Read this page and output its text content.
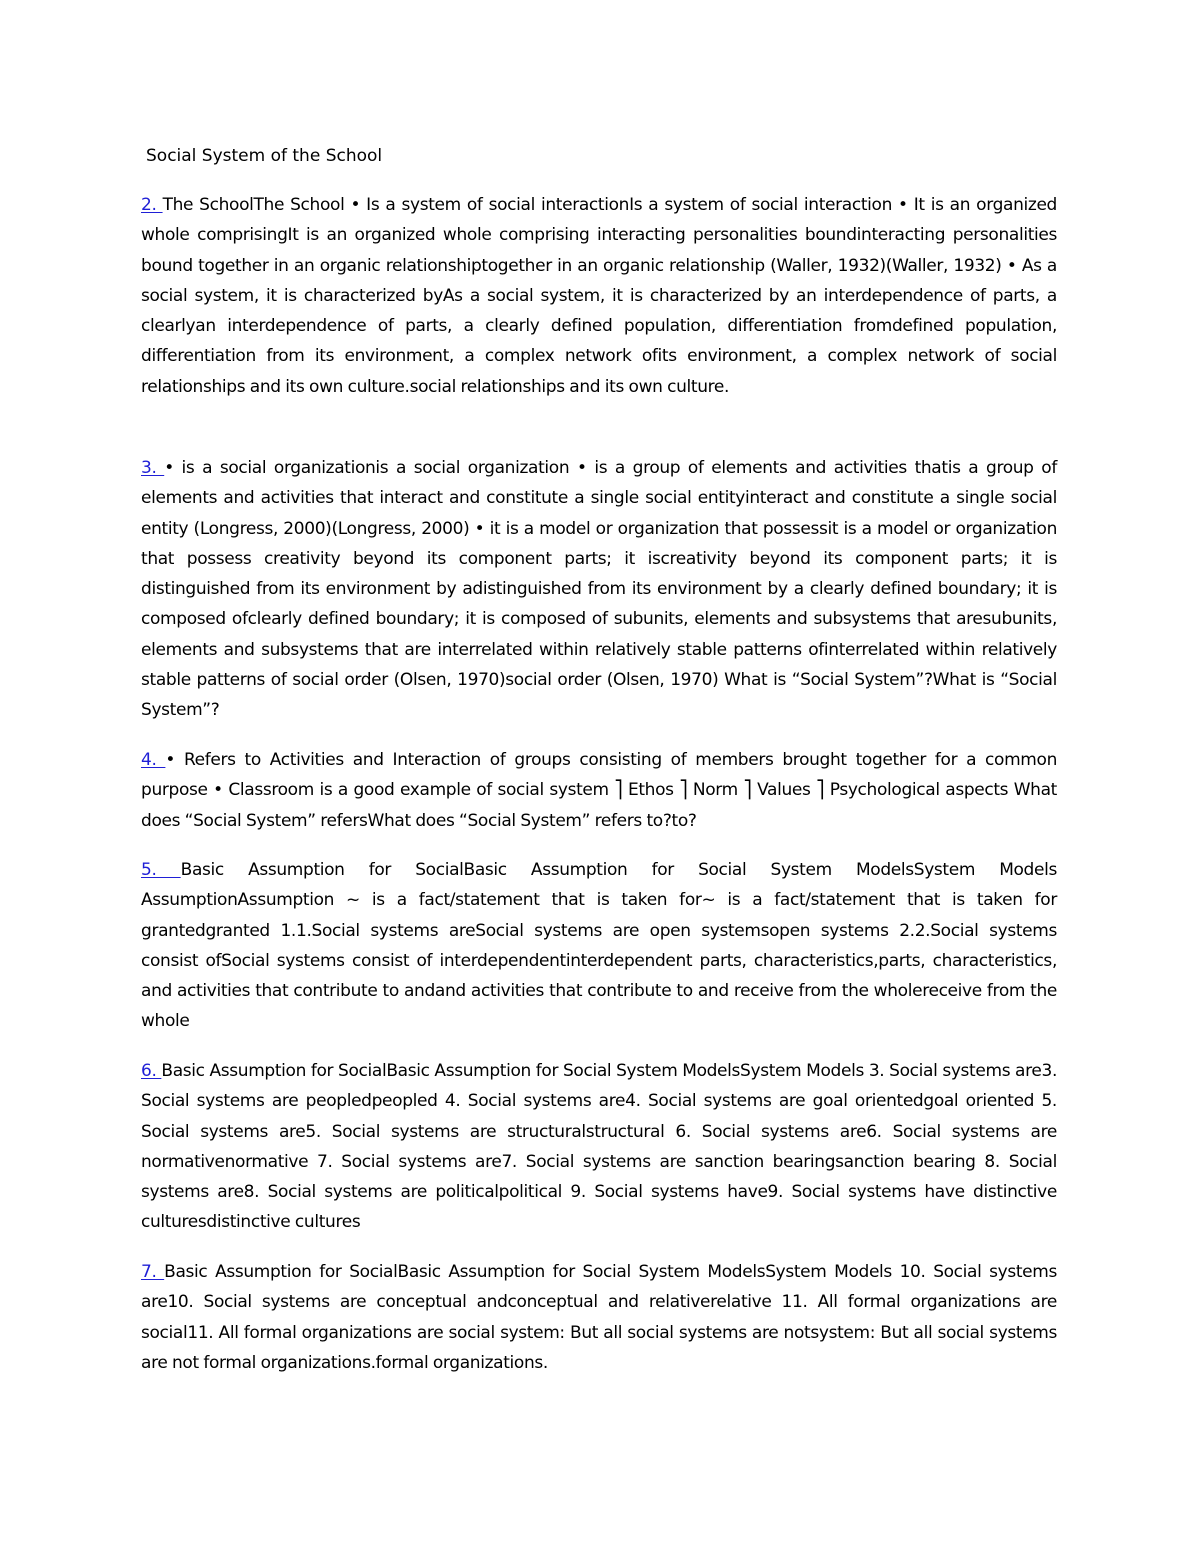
Social System of the School

2. The SchoolThe School • Is a system of social interactionIs a system of social interaction • It is an organized whole comprisingIt is an organized whole comprising interacting personalities boundinteracting personalities bound together in an organic relationshiptogether in an organic relationship (Waller, 1932)(Waller, 1932) • As a social system, it is characterized byAs a social system, it is characterized by an interdependence of parts, a clearlyan interdependence of parts, a clearly defined population, differentiation fromdefined population, differentiation from its environment, a complex network ofits environment, a complex network of social relationships and its own culture.social relationships and its own culture.

3. • is a social organizationis a social organization • is a group of elements and activities thatis a group of elements and activities that interact and constitute a single social entityinteract and constitute a single social entity (Longress, 2000)(Longress, 2000) • it is a model or organization that possessit is a model or organization that possess creativity beyond its component parts; it iscreativity beyond its component parts; it is distinguished from its environment by adistinguished from its environment by a clearly defined boundary; it is composed ofclearly defined boundary; it is composed of subunits, elements and subsystems that aresubunits, elements and subsystems that are interrelated within relatively stable patterns ofinterrelated within relatively stable patterns of social order (Olsen, 1970)social order (Olsen, 1970) What is “Social System”?What is “Social System”?

4. • Refers to Activities and Interaction of groups consisting of members brought together for a common purpose • Classroom is a good example of social system ⎤ Ethos ⎤ Norm ⎤ Values ⎤ Psychological aspects What does “Social System” refersWhat does “Social System” refers to?to?

5. Basic Assumption for SocialBasic Assumption for Social System ModelsSystem Models AssumptionAssumption ~ is a fact/statement that is taken for~ is a fact/statement that is taken for grantedgranted 1.1.Social systems areSocial systems are open systemsopen systems 2.2.Social systems consist ofSocial systems consist of interdependentinterdependent parts, characteristics,parts, characteristics, and activities that contribute to andand activities that contribute to and receive from the wholereceive from the whole

6. Basic Assumption for SocialBasic Assumption for Social System ModelsSystem Models 3. Social systems are3. Social systems are peopledpeopled 4. Social systems are4. Social systems are goal orientedgoal oriented 5. Social systems are5. Social systems are structuralstructural 6. Social systems are6. Social systems are normativenormative 7. Social systems are7. Social systems are sanction bearingsanction bearing 8. Social systems are8. Social systems are politicalpolitical 9. Social systems have9. Social systems have distinctive culturesdistinctive cultures

7. Basic Assumption for SocialBasic Assumption for Social System ModelsSystem Models 10. Social systems are10. Social systems are conceptual andconceptual and relativerelative 11. All formal organizations are social11. All formal organizations are social system: But all social systems are notsystem: But all social systems are not formal organizations.formal organizations.
